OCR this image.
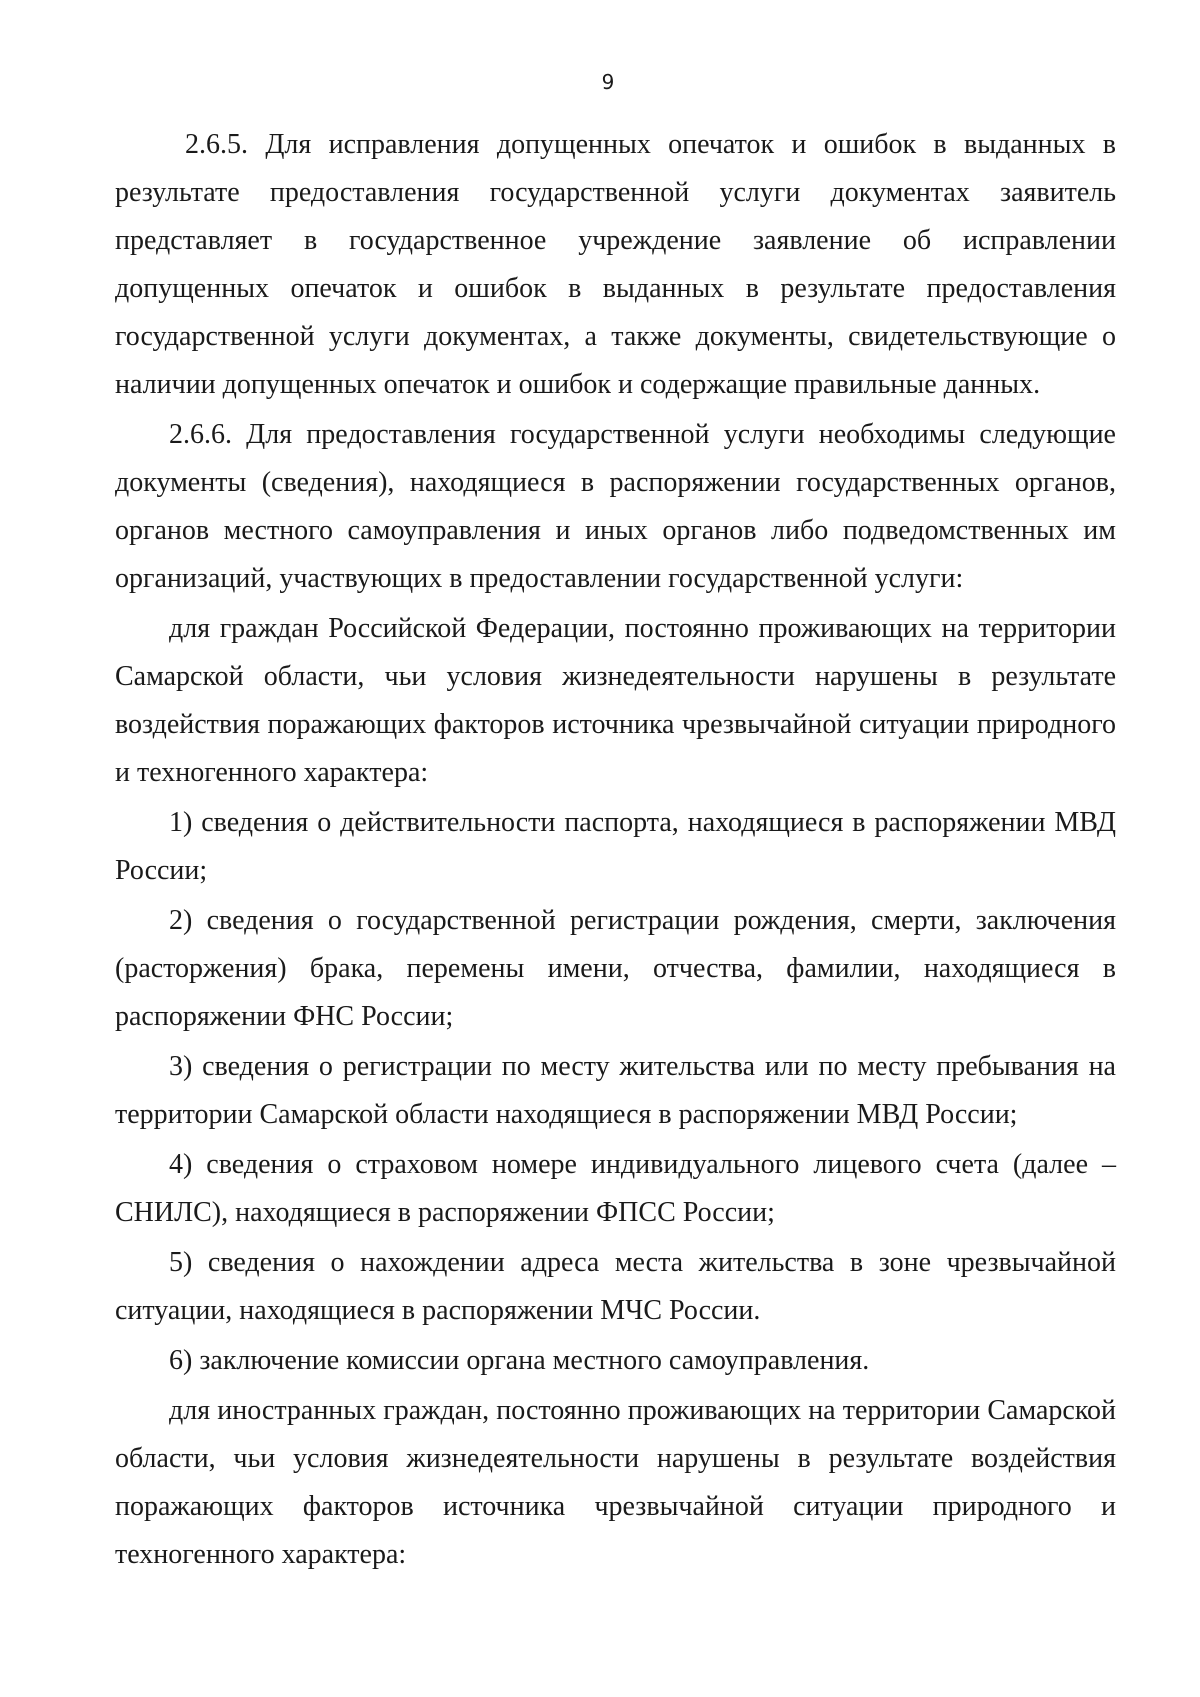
9

2.6.5. Для исправления допущенных опечаток и ошибок в выданных в результате предоставления государственной услуги документах заявитель представляет в государственное учреждение заявление об исправлении допущенных опечаток и ошибок в выданных в результате предоставления государственной услуги документах, а также документы, свидетельствующие о наличии допущенных опечаток и ошибок и содержащие правильные данных.

2.6.6. Для предоставления государственной услуги необходимы следующие документы (сведения), находящиеся в распоряжении государственных органов, органов местного самоуправления и иных органов либо подведомственных им организаций, участвующих в предоставлении государственной услуги:

для граждан Российской Федерации, постоянно проживающих на территории Самарской области, чьи условия жизнедеятельности нарушены в результате воздействия поражающих факторов источника чрезвычайной ситуации природного и техногенного характера:

1) сведения о действительности паспорта, находящиеся в распоряжении МВД России;

2) сведения о государственной регистрации рождения, смерти, заключения (расторжения) брака, перемены имени, отчества, фамилии, находящиеся в распоряжении ФНС России;

3) сведения о регистрации по месту жительства или по месту пребывания на территории Самарской области находящиеся в распоряжении МВД России;

4) сведения о страховом номере индивидуального лицевого счета (далее – СНИЛС), находящиеся в распоряжении ФПСС России;

5) сведения о нахождении адреса места жительства в зоне чрезвычайной ситуации, находящиеся в распоряжении МЧС России.

6) заключение комиссии органа местного самоуправления.

для иностранных граждан, постоянно проживающих на территории Самарской области, чьи условия жизнедеятельности нарушены в результате воздействия поражающих факторов источника чрезвычайной ситуации природного и техногенного характера:
